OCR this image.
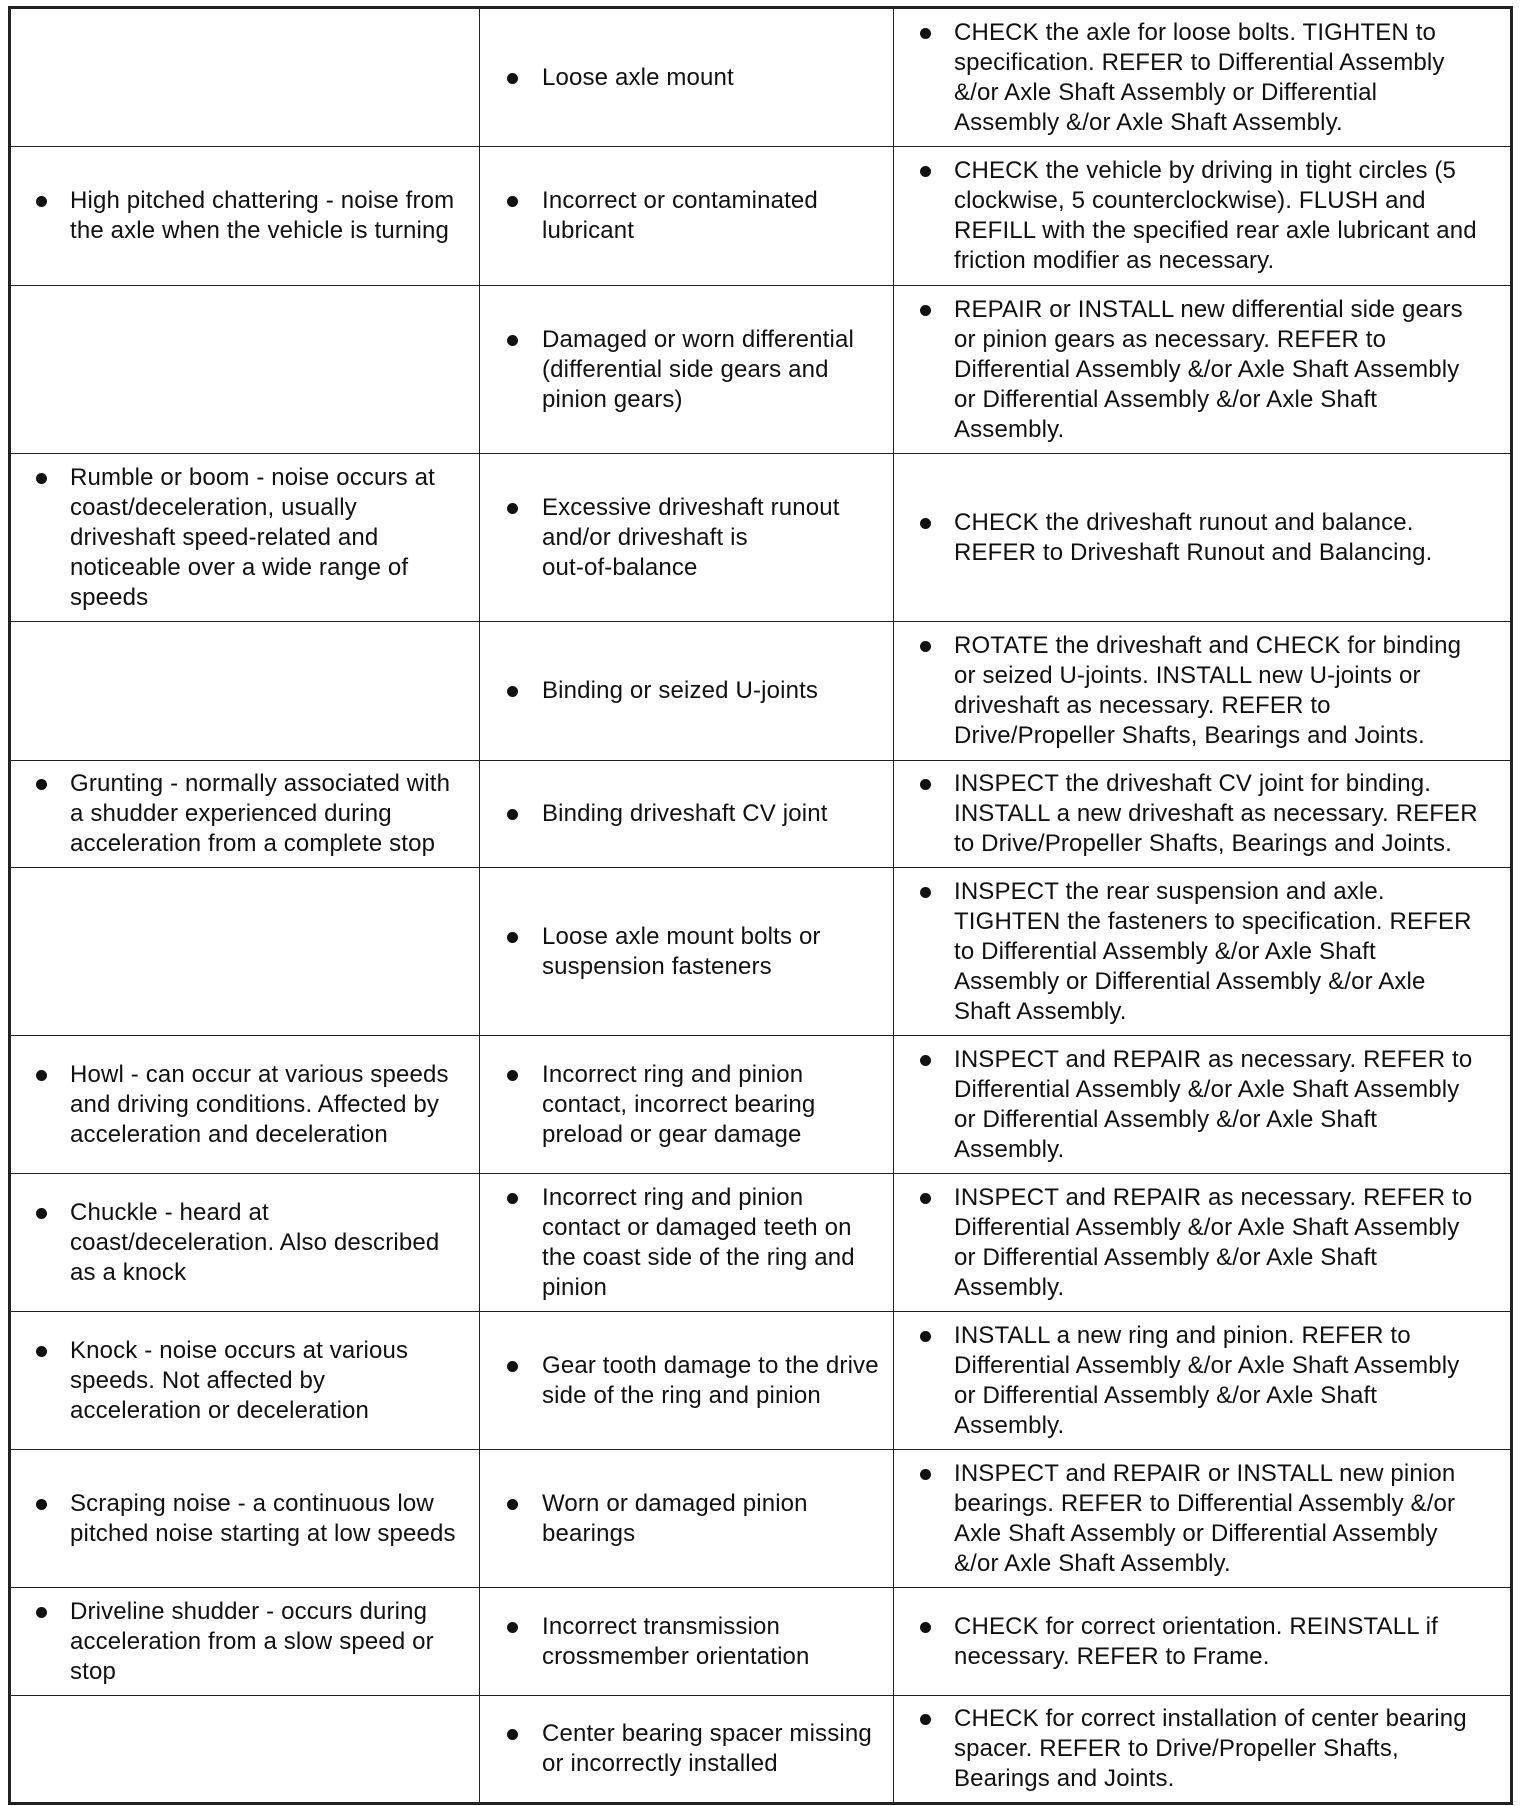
	Loose axle mount	CHECK the axle for loose bolts. TIGHTEN to
specification. REFER to Differential Assembly
&/or Axle Shaft Assembly or Differential
Assembly &/or Axle Shaft Assembly.

High pitched chattering - noise from
the axle when the vehicle is turning	Incorrect or contaminated
lubricant	CHECK the vehicle by driving in tight circles (5
clockwise, 5 counterclockwise). FLUSH and
REFILL with the specified rear axle lubricant and
friction modifier as necessary.

	Damaged or worn differential
(differential side gears and
pinion gears)	REPAIR or INSTALL new differential side gears
or pinion gears as necessary. REFER to
Differential Assembly &/or Axle Shaft Assembly
or Differential Assembly &/or Axle Shaft
Assembly.

Rumble or boom - noise occurs at
coast/deceleration, usually
driveshaft speed-related and
noticeable over a wide range of
speeds	Excessive driveshaft runout
and/or driveshaft is
out-of-balance	CHECK the driveshaft runout and balance.
REFER to Driveshaft Runout and Balancing.

	Binding or seized U-joints	ROTATE the driveshaft and CHECK for binding
or seized U-joints. INSTALL new U-joints or
driveshaft as necessary. REFER to
Drive/Propeller Shafts, Bearings and Joints.

Grunting - normally associated with
a shudder experienced during
acceleration from a complete stop	Binding driveshaft CV joint	INSPECT the driveshaft CV joint for binding.
INSTALL a new driveshaft as necessary. REFER
to Drive/Propeller Shafts, Bearings and Joints.

	Loose axle mount bolts or
suspension fasteners	INSPECT the rear suspension and axle.
TIGHTEN the fasteners to specification. REFER
to Differential Assembly &/or Axle Shaft
Assembly or Differential Assembly &/or Axle
Shaft Assembly.

Howl - can occur at various speeds
and driving conditions. Affected by
acceleration and deceleration	Incorrect ring and pinion
contact, incorrect bearing
preload or gear damage	INSPECT and REPAIR as necessary. REFER to
Differential Assembly &/or Axle Shaft Assembly
or Differential Assembly &/or Axle Shaft
Assembly.

Chuckle - heard at
coast/deceleration. Also described
as a knock	Incorrect ring and pinion
contact or damaged teeth on
the coast side of the ring and
pinion	INSPECT and REPAIR as necessary. REFER to
Differential Assembly &/or Axle Shaft Assembly
or Differential Assembly &/or Axle Shaft
Assembly.

Knock - noise occurs at various
speeds. Not affected by
acceleration or deceleration	Gear tooth damage to the drive
side of the ring and pinion	INSTALL a new ring and pinion. REFER to
Differential Assembly &/or Axle Shaft Assembly
or Differential Assembly &/or Axle Shaft
Assembly.

Scraping noise - a continuous low
pitched noise starting at low speeds	Worn or damaged pinion
bearings	INSPECT and REPAIR or INSTALL new pinion
bearings. REFER to Differential Assembly &/or
Axle Shaft Assembly or Differential Assembly
&/or Axle Shaft Assembly.

Driveline shudder - occurs during
acceleration from a slow speed or
stop	Incorrect transmission
crossmember orientation	CHECK for correct orientation. REINSTALL if
necessary. REFER to Frame.

	Center bearing spacer missing
or incorrectly installed	CHECK for correct installation of center bearing
spacer. REFER to Drive/Propeller Shafts,
Bearings and Joints.
